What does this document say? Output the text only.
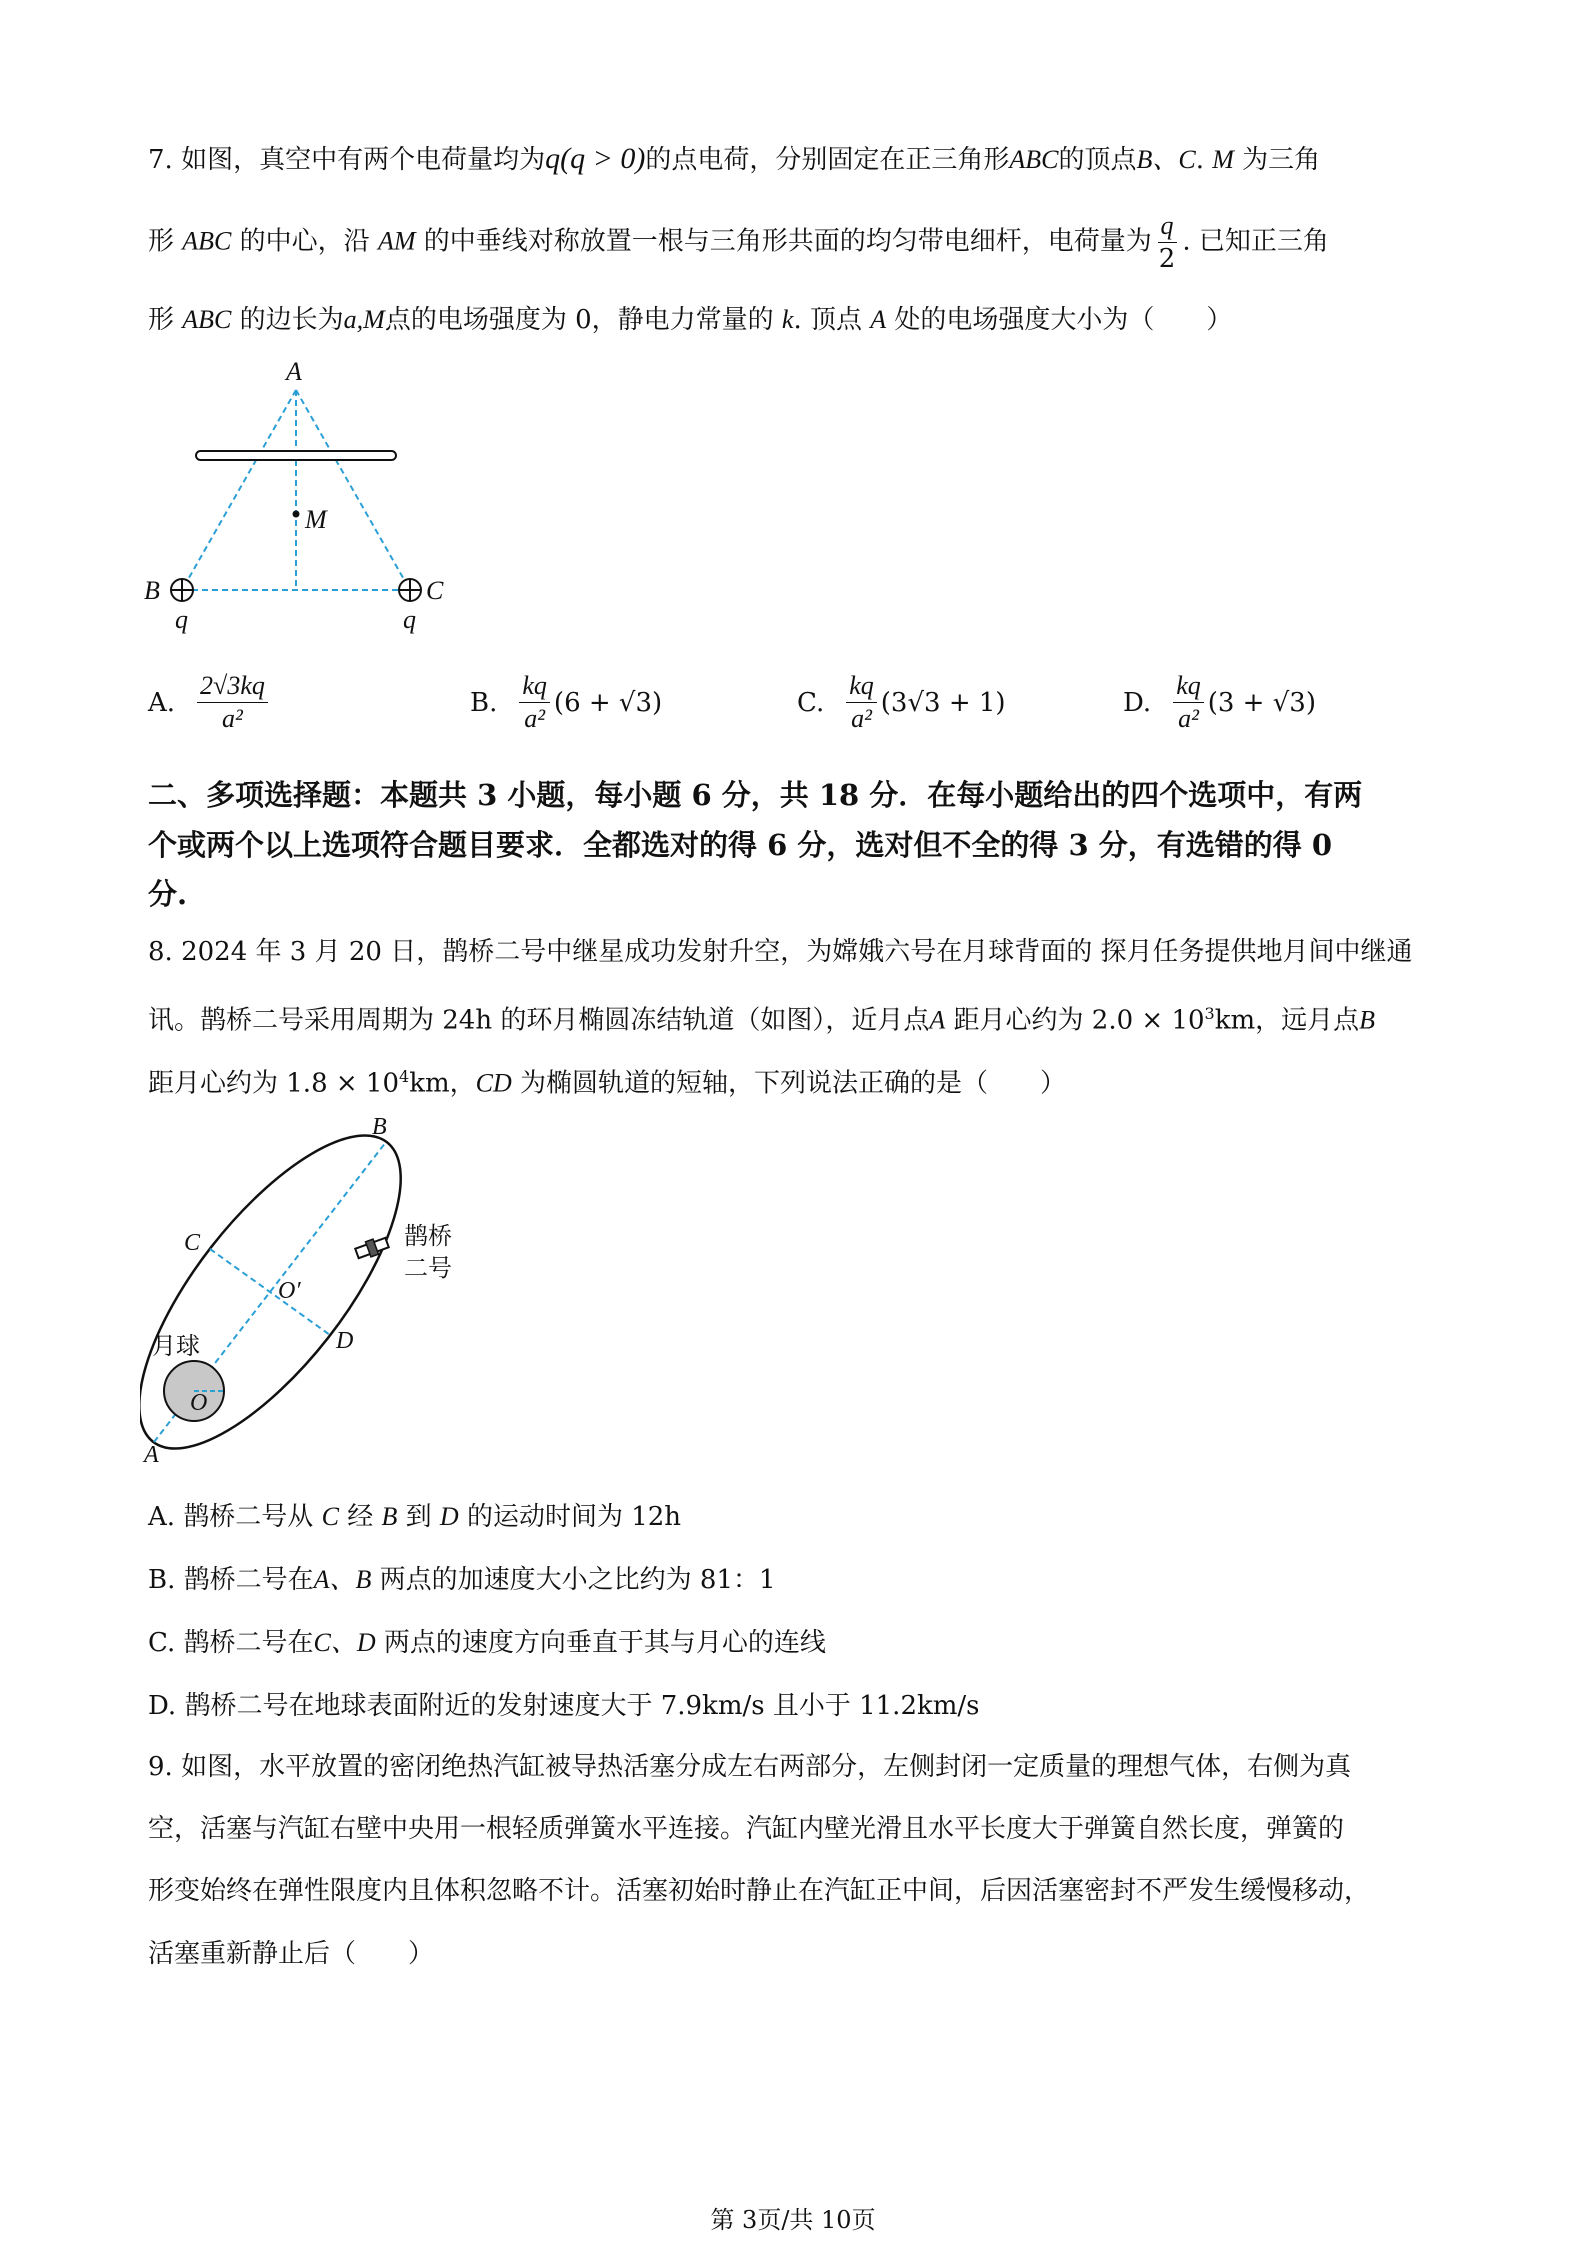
7. 如图，真空中有两个电荷量均为q(q > 0)的点电荷，分别固定在正三角形ABC的顶点B、C. M 为三角
形 ABC 的中心，沿 AM 的中垂线对称放置一根与三角形共面的均匀带电细杆，电荷量为 $\frac{q}{2}$ . 已知正三角
形 ABC 的边长为a,M点的电场强度为 0，静电力常量的 k. 顶点 A 处的电场强度大小为（　　）
A
M
B	C
q	q
A. $\frac{2√3kq}{\text{a²}}$	B. $\frac{kq}{\text{a²}} (6 + √3)$	C. $\frac{kq}{\text{a²}} (3√3 + 1)$	D. $\frac{kq}{\text{a²}} (3 + √3)$
二、多项选择题：本题共 3 小题，每小题 6 分，共 18 分．在每小题给出的四个选项中，有两
个或两个以上选项符合题目要求．全都选对的得 6 分，选对但不全的得 3 分，有选错的得 0
分.
8. 2024 年 3 月 20 日，鹊桥二号中继星成功发射升空，为嫦娥六号在月球背面的 探月任务提供地月间中继通
讯。鹊桥二号采用周期为 24h 的环月椭圆冻结轨道（如图），近月点A 距月心约为 $2.0 \times 10^3km$，远月点B
距月心约为 $1.8 \times 10^4km$，CD 为椭圆轨道的短轴，下列说法正确的是（　　）
B
C
O′
D
O
A
月球
鹊桥
二号
A. 鹊桥二号从 C 经 B 到 D 的运动时间为 12h
B. 鹊桥二号在A、B 两点的加速度大小之比约为 81：1
C. 鹊桥二号在C、D 两点的速度方向垂直于其与月心的连线
D. 鹊桥二号在地球表面附近的发射速度大于 7.9km/s 且小于 11.2km/s
9. 如图，水平放置的密闭绝热汽缸被导热活塞分成左右两部分，左侧封闭一定质量的理想气体，右侧为真
空，活塞与汽缸右壁中央用一根轻质弹簧水平连接。汽缸内壁光滑且水平长度大于弹簧自然长度，弹簧的
形变始终在弹性限度内且体积忽略不计。活塞初始时静止在汽缸正中间，后因活塞密封不严发生缓慢移动，
活塞重新静止后（　　）
第 3页/共 10页
